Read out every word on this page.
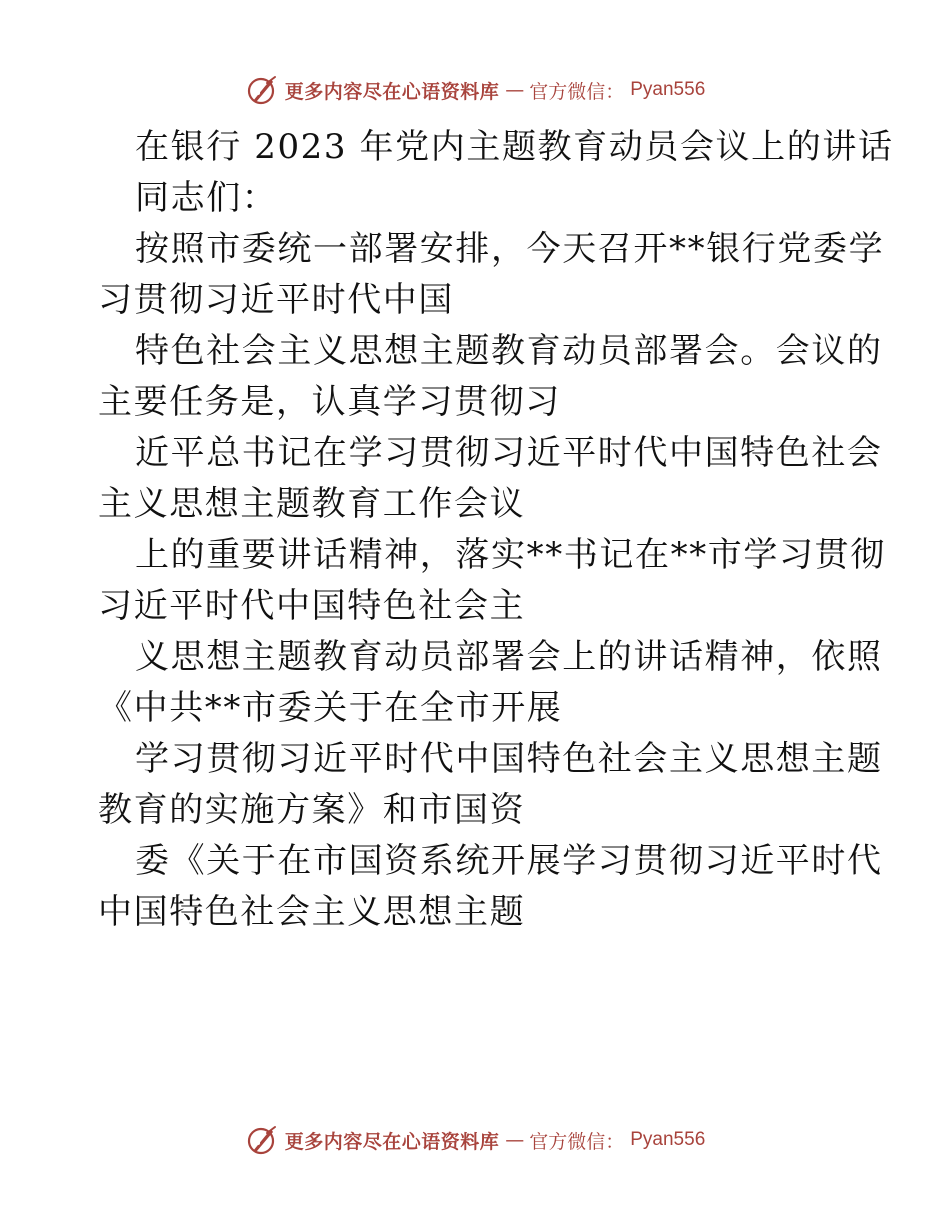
更多内容尽在心语资料库 — 官方微信： Pyan556
在银行 2023 年党内主题教育动员会议上的讲话
同志们：
按照市委统一部署安排，今天召开**银行党委学
习贯彻习近平时代中国
特色社会主义思想主题教育动员部署会。会议的
主要任务是，认真学习贯彻习
近平总书记在学习贯彻习近平时代中国特色社会
主义思想主题教育工作会议
上的重要讲话精神，落实**书记在**市学习贯彻
习近平时代中国特色社会主
义思想主题教育动员部署会上的讲话精神，依照
《中共**市委关于在全市开展
学习贯彻习近平时代中国特色社会主义思想主题
教育的实施方案》和市国资
委《关于在市国资系统开展学习贯彻习近平时代
中国特色社会主义思想主题
更多内容尽在心语资料库 — 官方微信： Pyan556
